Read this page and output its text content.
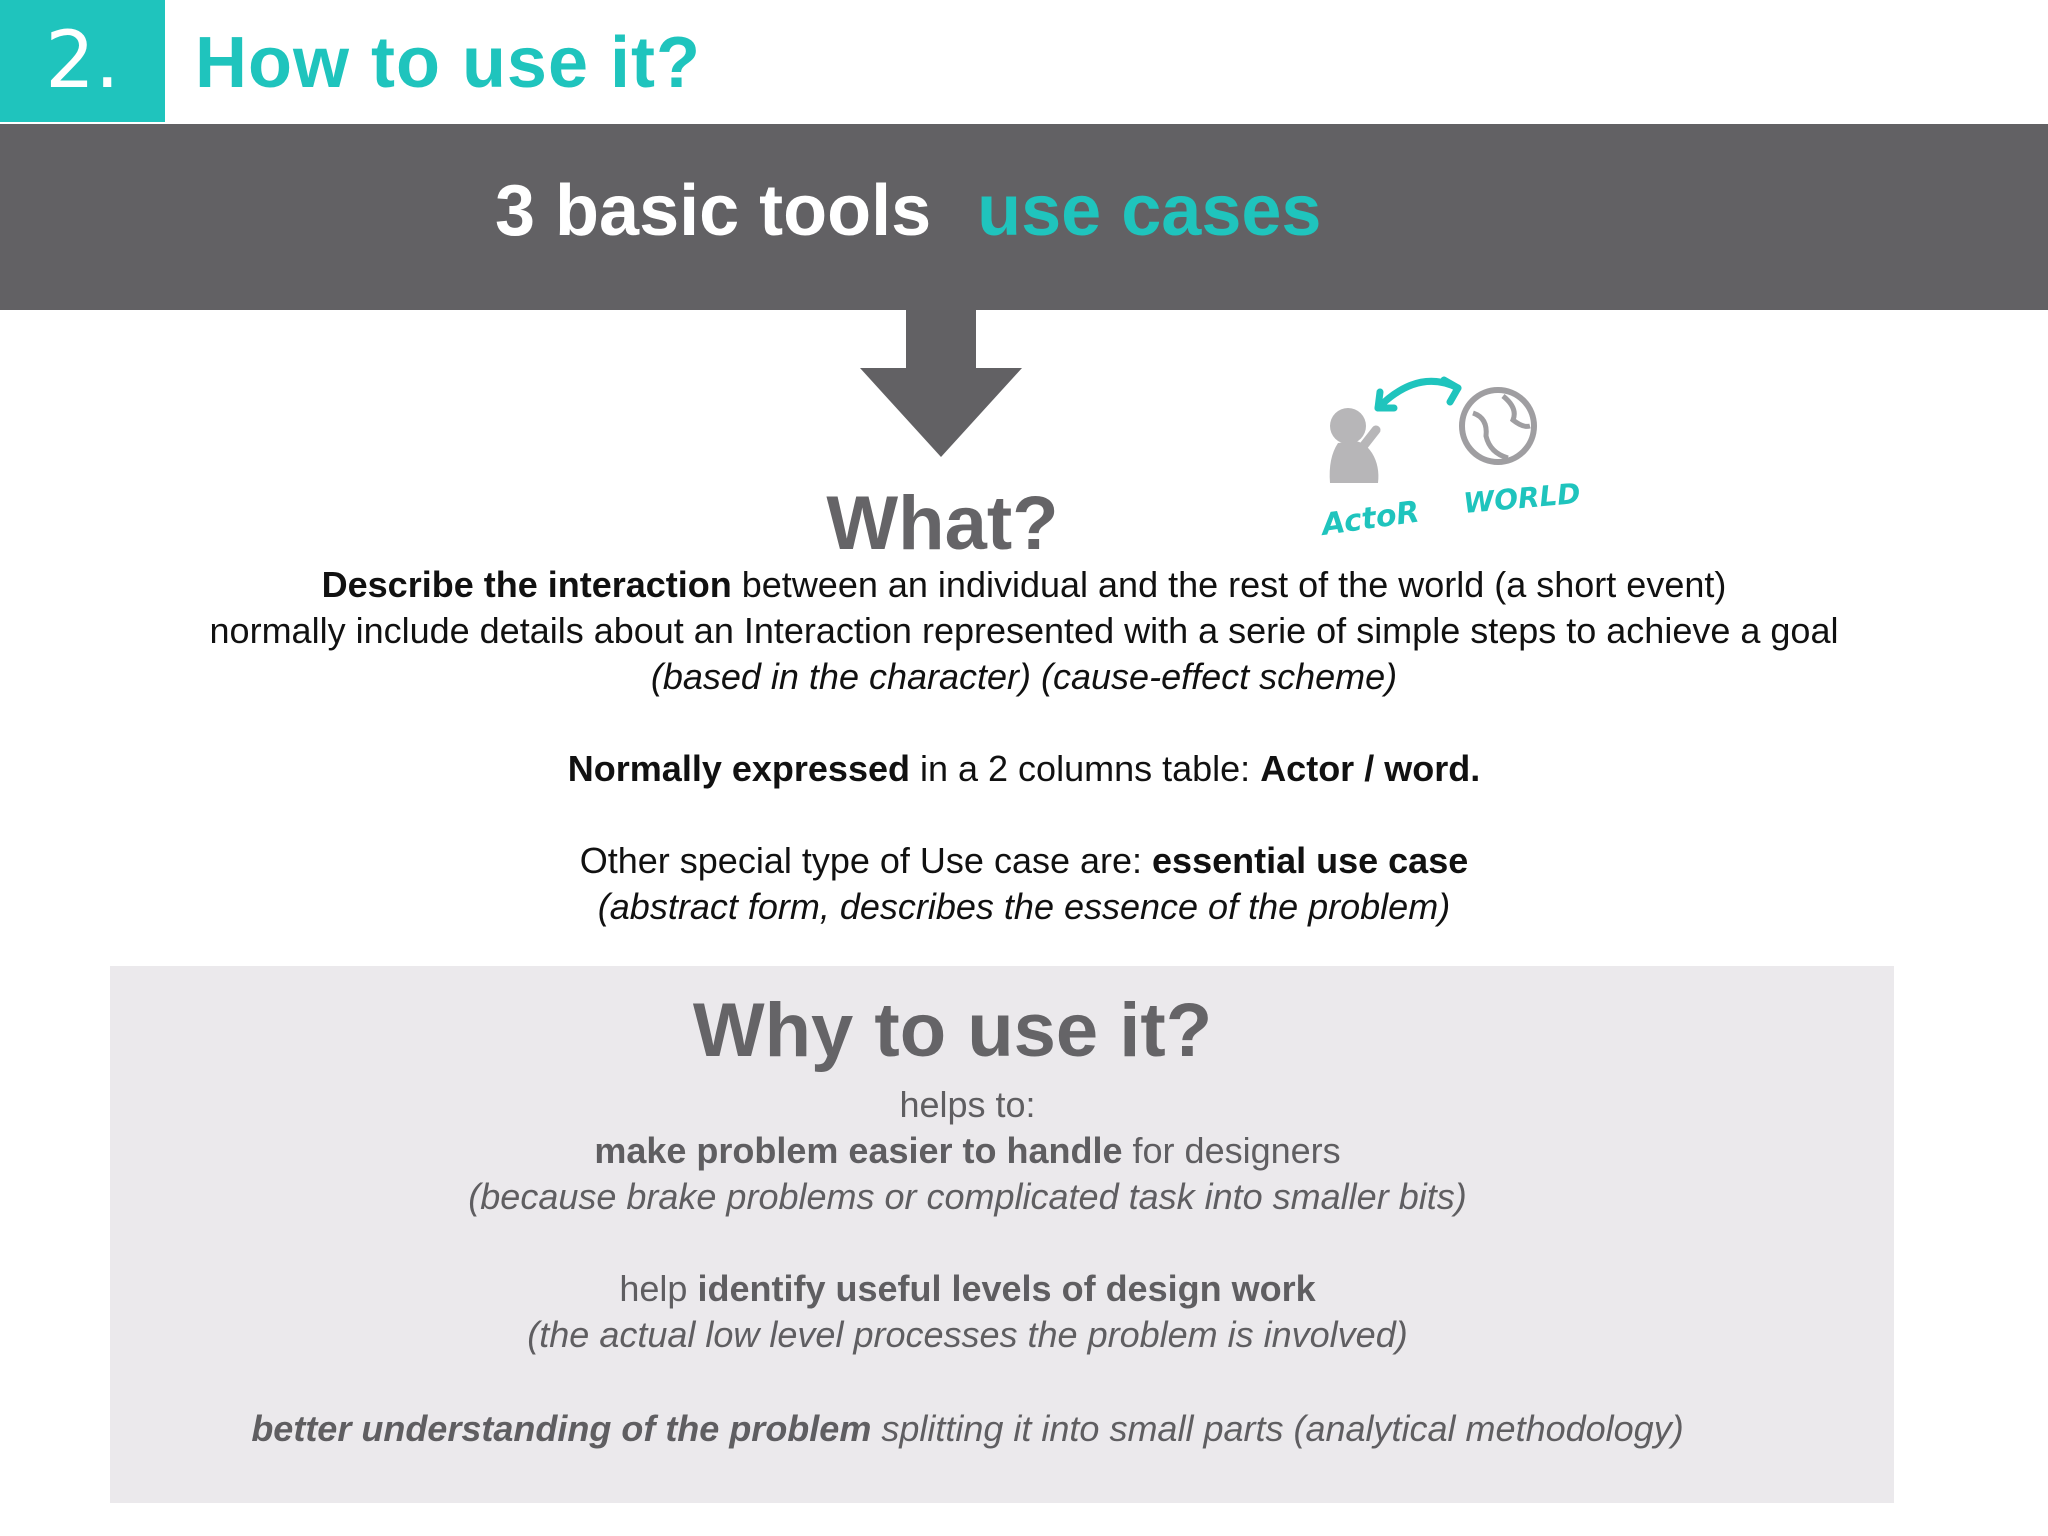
2. How to use it?
3 basic tools use cases
ActoR WORLD
What?

Describe the interaction between an individual and the rest of the world (a short event)

normally include details about an Interaction represented with a serie of simple steps to achieve a goal

(based in the character) (cause-effect scheme)

Normally expressed in a 2 columns table: Actor / word.

Other special type of Use case are: essential use case

(abstract form, describes the essence of the problem)

Why to use it?

helps to:

make problem easier to handle for designers

(because brake problems or complicated task into smaller bits)

help identify useful levels of design work

(the actual low level processes the problem is involved)

better understanding of the problem splitting it into small parts (analytical methodology)
